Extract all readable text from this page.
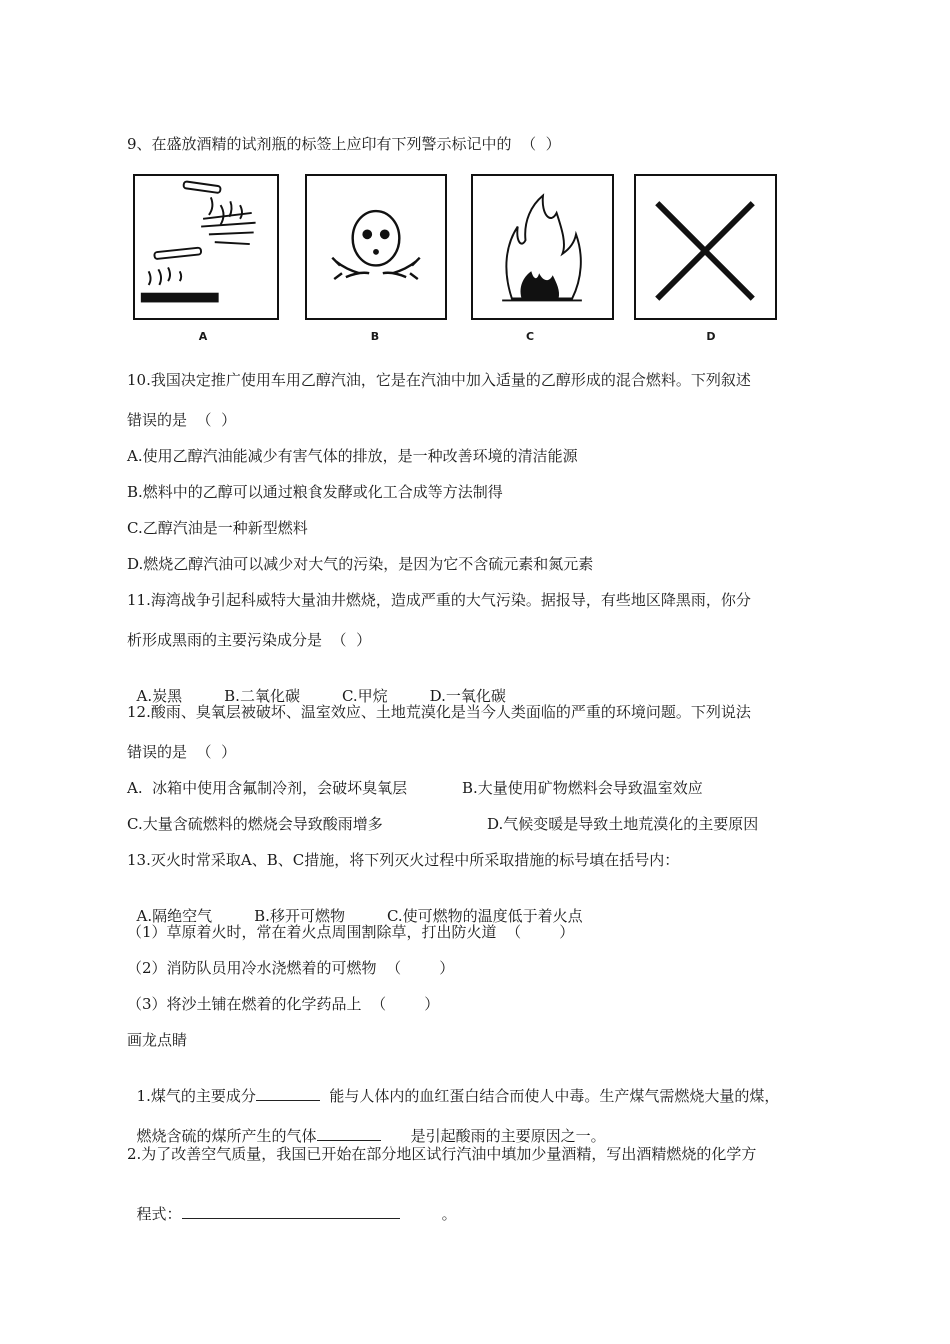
9、在盛放酒精的试剂瓶的标签上应印有下列警示标记中的  （  ）
A	B	C	D
10.我国决定推广使用车用乙醇汽油，它是在汽油中加入适量的乙醇形成的混合燃料。下列叙述
错误的是  （  ）
A.使用乙醇汽油能减少有害气体的排放，是一种改善环境的清洁能源
B.燃料中的乙醇可以通过粮食发酵或化工合成等方法制得
C.乙醇汽油是一种新型燃料
D.燃烧乙醇汽油可以减少对大气的污染，是因为它不含硫元素和氮元素
11.海湾战争引起科威特大量油井燃烧，造成严重的大气污染。据报导，有些地区降黑雨，你分
析形成黑雨的主要污染成分是  （  ）

A.炭黑	B.二氧化碳	C.甲烷	D.一氧化碳

12.酸雨、臭氧层被破坏、温室效应、土地荒漠化是当今人类面临的严重的环境问题。下列说法
错误的是  （  ）
A.  冰箱中使用含氟制冷剂，会破坏臭氧层	B.大量使用矿物燃料会导致温室效应
C.大量含硫燃料的燃烧会导致酸雨增多	D.气候变暖是导致土地荒漠化的主要原因
13.灭火时常采取A、B、C措施，将下列灭火过程中所采取措施的标号填在括号内：

A.隔绝空气	B.移开可燃物	C.使可燃物的温度低于着火点

（1）草原着火时，常在着火点周围割除草，打出防火道  （        ）
（2）消防队员用冷水浇燃着的可燃物  （        ）
（3）将沙土铺在燃着的化学药品上  （        ）
画龙点睛

1.煤气的主要成分	能与人体内的血红蛋白结合而使人中毒。生产煤气需燃烧大量的煤，

燃烧含硫的煤所产生的气体	是引起酸雨的主要原因之一。

2.为了改善空气质量，我国已开始在部分地区试行汽油中填加少量酒精，写出酒精燃烧的化学方

程式：	。
